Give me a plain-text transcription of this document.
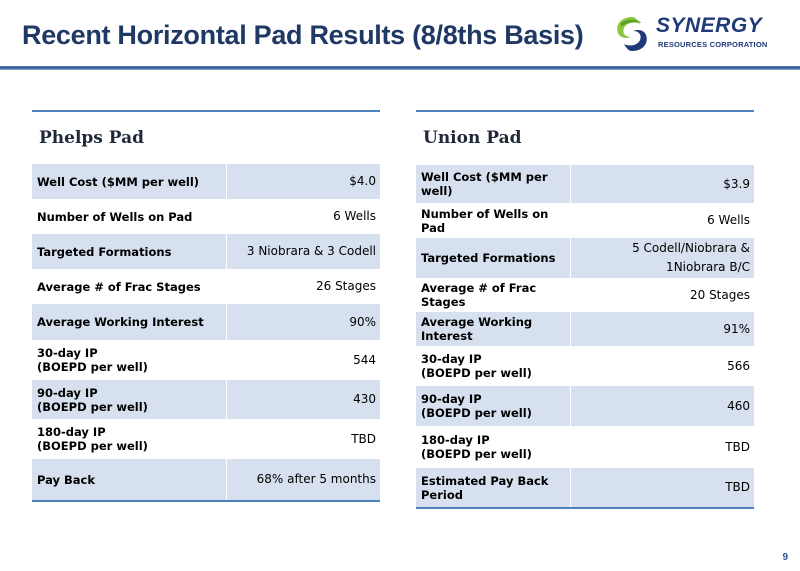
Recent Horizontal Pad Results (8/8ths Basis)	SYNERGY
RESOURCES CORPORATION
Phelps Pad
Well Cost ($MM per well)	$4.0
Number of Wells on Pad	6 Wells
Targeted Formations	3 Niobrara & 3 Codell
Average # of Frac Stages	26 Stages
Average Working Interest	90%

30-day IP
(BOEPD per well)	544

90-day IP
(BOEPD per well)	430

180-day IP
(BOEPD per well)	TBD
Pay Back	68% after 5 months
Union Pad
Well Cost ($MM per well)	$3.9
Number of Wells on Pad	6 Wells
Targeted Formations	5 Codell/Niobrara & 1Niobrara B/C
Average # of Frac Stages	20 Stages
Average Working Interest	91%

30-day IP
(BOEPD per well)	566

90-day IP
(BOEPD per well)	460

180-day IP
(BOEPD per well)	TBD
Estimated Pay Back Period	TBD
9
